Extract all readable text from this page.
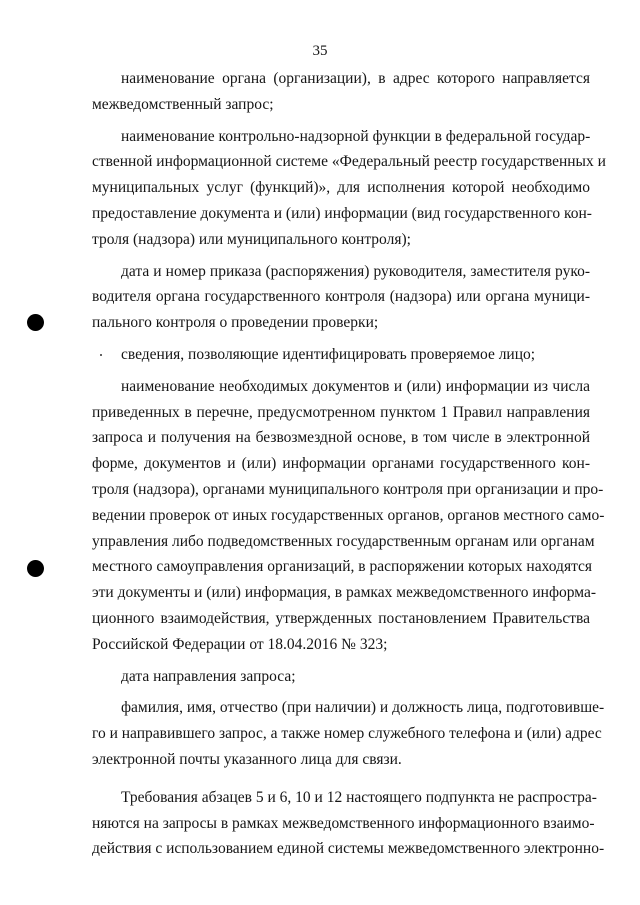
35
наименование органа (организации), в адрес которого направляется
межведомственный запрос;
наименование контрольно-надзорной функции в федеральной государ-
ственной информационной системе «Федеральный реестр государственных и
муниципальных услуг (функций)», для исполнения которой необходимо
предоставление документа и (или) информации (вид государственного кон-
троля (надзора) или муниципального контроля);
дата и номер приказа (распоряжения) руководителя, заместителя руко-
водителя органа государственного контроля (надзора) или органа муници-
пального контроля о проведении проверки;
сведения, позволяющие идентифицировать проверяемое лицо;
наименование необходимых документов и (или) информации из числа
приведенных в перечне, предусмотренном пунктом 1 Правил направления
запроса и получения на безвозмездной основе, в том числе в электронной
форме, документов и (или) информации органами государственного кон-
троля (надзора), органами муниципального контроля при организации и про-
ведении проверок от иных государственных органов, органов местного само-
управления либо подведомственных государственным органам или органам
местного самоуправления организаций, в распоряжении которых находятся
эти документы и (или) информация, в рамках межведомственного информа-
ционного взаимодействия, утвержденных постановлением Правительства
Российской Федерации от 18.04.2016 № 323;
дата направления запроса;
фамилия, имя, отчество (при наличии) и должность лица, подготовивше-
го и направившего запрос, а также номер служебного телефона и (или) адрес
электронной почты указанного лица для связи.
Требования абзацев 5 и 6, 10 и 12 настоящего подпункта не распростра-
няются на запросы в рамках межведомственного информационного взаимо-
действия с использованием единой системы межведомственного электронно-
